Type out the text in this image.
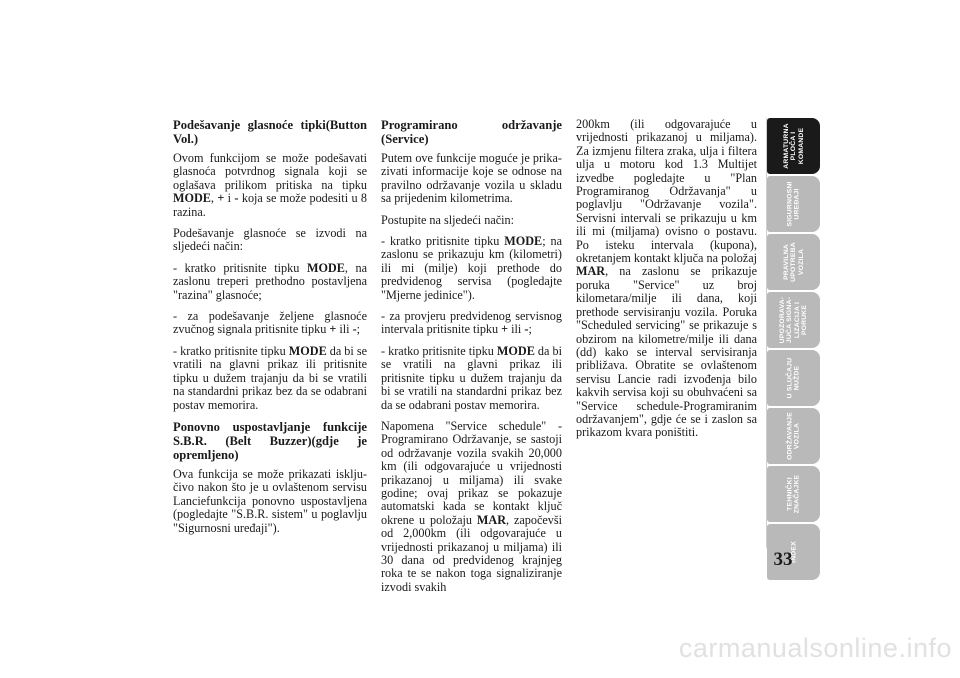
Podešavanje glasnoće tipki(Button Vol.)

Ovom funkcijom se može podešavati glasnoća potvrdnog signala koji se oglašava prilikom pritiska na tipku MODE, + i - koja se može podesiti u 8 razina.

Podešavanje glasnoće se izvodi na sljedeći način:

- kratko pritisnite tipku MODE, na zaslonu treperi prethodno postavljena "razina" glasnoće;

- za podešavanje željene glasnoće zvučnog signala pritisnite tipku + ili -;

- kratko pritisnite tipku MODE da bi se vratili na glavni prikaz ili pritisnite tipku u dužem trajanju da bi se vratili na standardni prikaz bez da se odabrani postav memorira.

Ponovno uspostavljanje funkcije S.B.R. (Belt Buzzer)(gdje je opremljeno)

Ova funkcija se može prikazati isklju-čivo nakon što je u ovlaštenom servisu Lanciefunkcija ponovno uspostavljena (pogledajte "S.B.R. sistem" u poglavlju "Sigurnosni uređaji").

Programirano održavanje (Service)

Putem ove funkcije moguće je prika-zivati informacije koje se odnose na pravilno održavanje vozila u skladu sa prijedenim kilometrima.

Postupite na sljedeći način:

- kratko pritisnite tipku MODE; na zaslonu se prikazuju km (kilometri) ili mi (milje) koji prethode do predvidenog servisa (pogledajte "Mjerne jedinice").

- za provjeru predvidenog servisnog intervala pritisnite tipku + ili -;

- kratko pritisnite tipku MODE da bi se vratili na glavni prikaz ili pritisnite tipku u dužem trajanju da bi se vratili na standardni prikaz bez da se odabrani postav memorira.

Napomena "Service schedule" - Programirano Održavanje, se sastoji od održavanje vozila svakih 20,000 km (ili odgovarajuće u vrijednosti prikazanoj u miljama) ili svake godine; ovaj prikaz se pokazuje automatski kada se kontakt ključ okrene u položaju MAR, započevši od 2,000km (ili odgovarajuće u vrijednosti prikazanoj u miljama) ili 30 dana od predvidenog krajnjeg roka te se nakon toga signaliziranje izvodi svakih

200km (ili odgovarajuće u vrijednosti prikazanoj u miljama). Za izmjenu filtera zraka, ulja i filtera ulja u motoru kod 1.3 Multijet izvedbe pogledajte u "Plan Programiranog Održavanja" u poglavlju "Održavanje vozila". Servisni intervali se prikazuju u km ili mi (miljama) ovisno o postavu. Po isteku intervala (kupona), okretanjem kontakt ključa na položaj MAR, na zaslonu se prikazuje poruka "Service" uz broj kilometara/milje ili dana, koji prethode servisiranju vozila. Poruka "Scheduled servicing" se prikazuje s obzirom na kilometre/milje ili dana (dd) kako se interval servisiranja približava. Obratite se ovlaštenom servisu Lancie radi izvođenja bilo kakvih servisa koji su obuhvaćeni sa "Service schedule-Programiranim održavanjem", gdje će se i zaslon sa prikazom kvara poništiti.

ARMATURNA PLOČA I KOMANDE
SIGURNOSNI UREĐAJI
PRAVILNA UPOTREBA VOZILA
UPOZORAVA-JUĆA SIGNA-LIZACIJA I PORUKE
U SLUČAJU NUŽDE
ODRŽAVANJE VOZILA
TEHNIČKI ZNAČAJKE
INDEX
33
carmanualsonline.info
